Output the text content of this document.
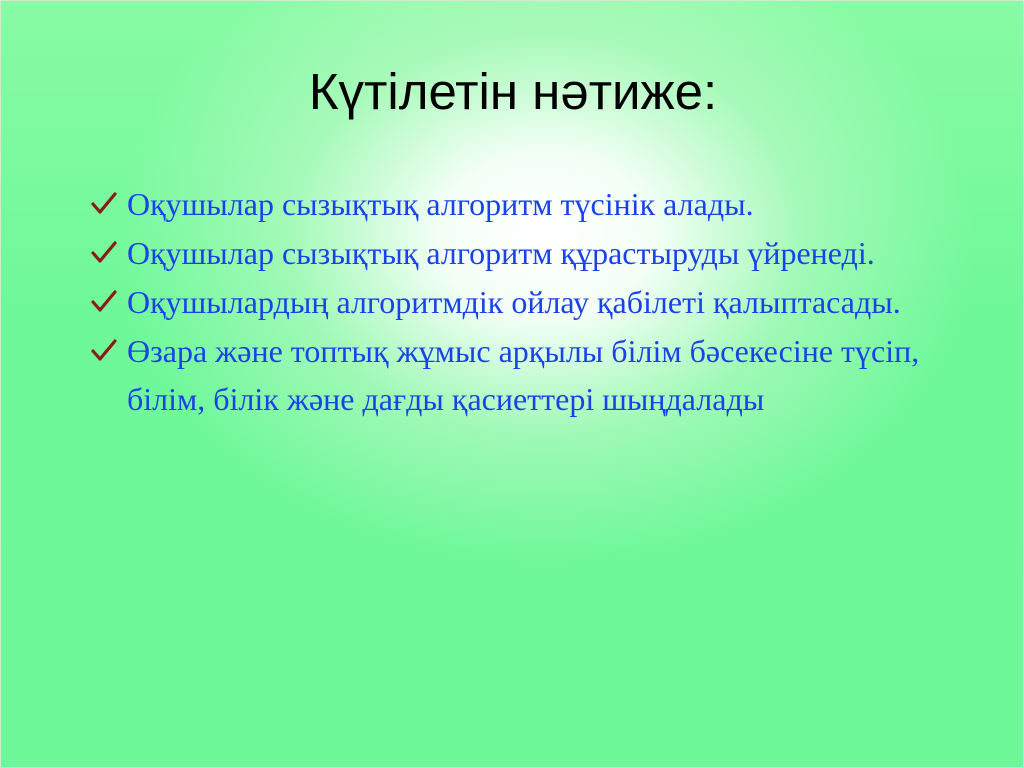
Күтілетін нәтиже:
Оқушылар сызықтық алгоритм түсінік алады.
Оқушылар сызықтық алгоритм құрастыруды үйренеді.
Оқушылардың алгоритмдік ойлау қабілеті қалыптасады.
Өзара және топтық жұмыс арқылы білім бәсекесіне түсіп, білім, білік және дағды қасиеттері шыңдалады
